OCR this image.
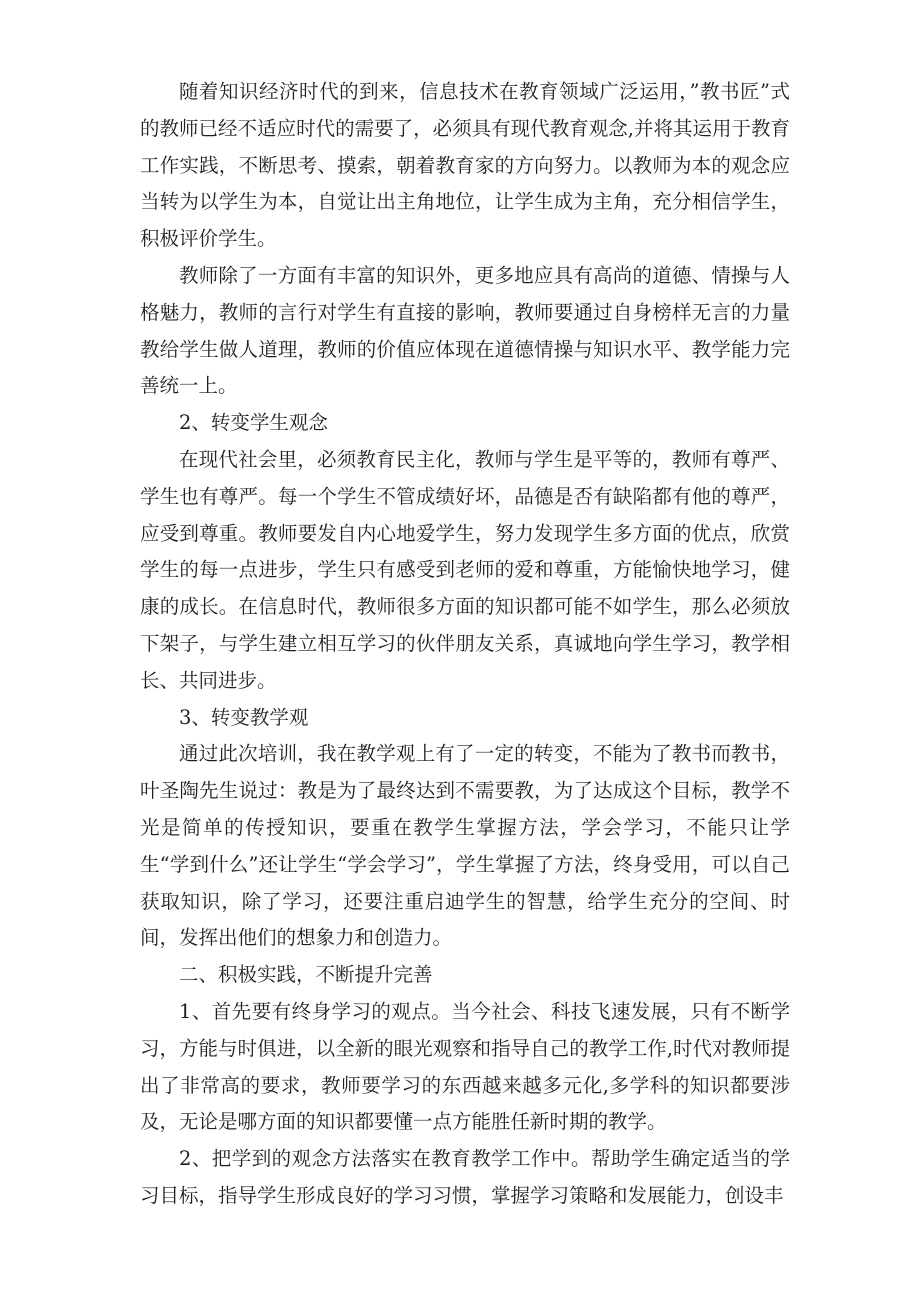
随着知识经济时代的到来，信息技术在教育领域广泛运用，”教书匠”式的教师已经不适应时代的需要了，必须具有现代教育观念,并将其运用于教育工作实践，不断思考、摸索，朝着教育家的方向努力。以教师为本的观念应当转为以学生为本，自觉让出主角地位，让学生成为主角，充分相信学生，积极评价学生。

教师除了一方面有丰富的知识外，更多地应具有高尚的道德、情操与人格魅力，教师的言行对学生有直接的影响，教师要通过自身榜样无言的力量教给学生做人道理，教师的价值应体现在道德情操与知识水平、教学能力完善统一上。

2、转变学生观念

在现代社会里，必须教育民主化，教师与学生是平等的，教师有尊严、学生也有尊严。每一个学生不管成绩好坏，品德是否有缺陷都有他的尊严，应受到尊重。教师要发自内心地爱学生，努力发现学生多方面的优点，欣赏学生的每一点进步，学生只有感受到老师的爱和尊重，方能愉快地学习，健康的成长。在信息时代，教师很多方面的知识都可能不如学生，那么必须放下架子，与学生建立相互学习的伙伴朋友关系，真诚地向学生学习，教学相长、共同进步。

3、转变教学观

通过此次培训，我在教学观上有了一定的转变，不能为了教书而教书，叶圣陶先生说过：教是为了最终达到不需要教，为了达成这个目标，教学不光是简单的传授知识，要重在教学生掌握方法，学会学习，不能只让学生“学到什么”还让学生“学会学习”，学生掌握了方法，终身受用，可以自己获取知识，除了学习，还要注重启迪学生的智慧，给学生充分的空间、时间，发挥出他们的想象力和创造力。

二、积极实践，不断提升完善

1、首先要有终身学习的观点。当今社会、科技飞速发展，只有不断学习，方能与时俱进，以全新的眼光观察和指导自己的教学工作,时代对教师提出了非常高的要求，教师要学习的东西越来越多元化,多学科的知识都要涉及，无论是哪方面的知识都要懂一点方能胜任新时期的教学。

2、把学到的观念方法落实在教育教学工作中。帮助学生确定适当的学习目标，指导学生形成良好的学习习惯，掌握学习策略和发展能力，创设丰
